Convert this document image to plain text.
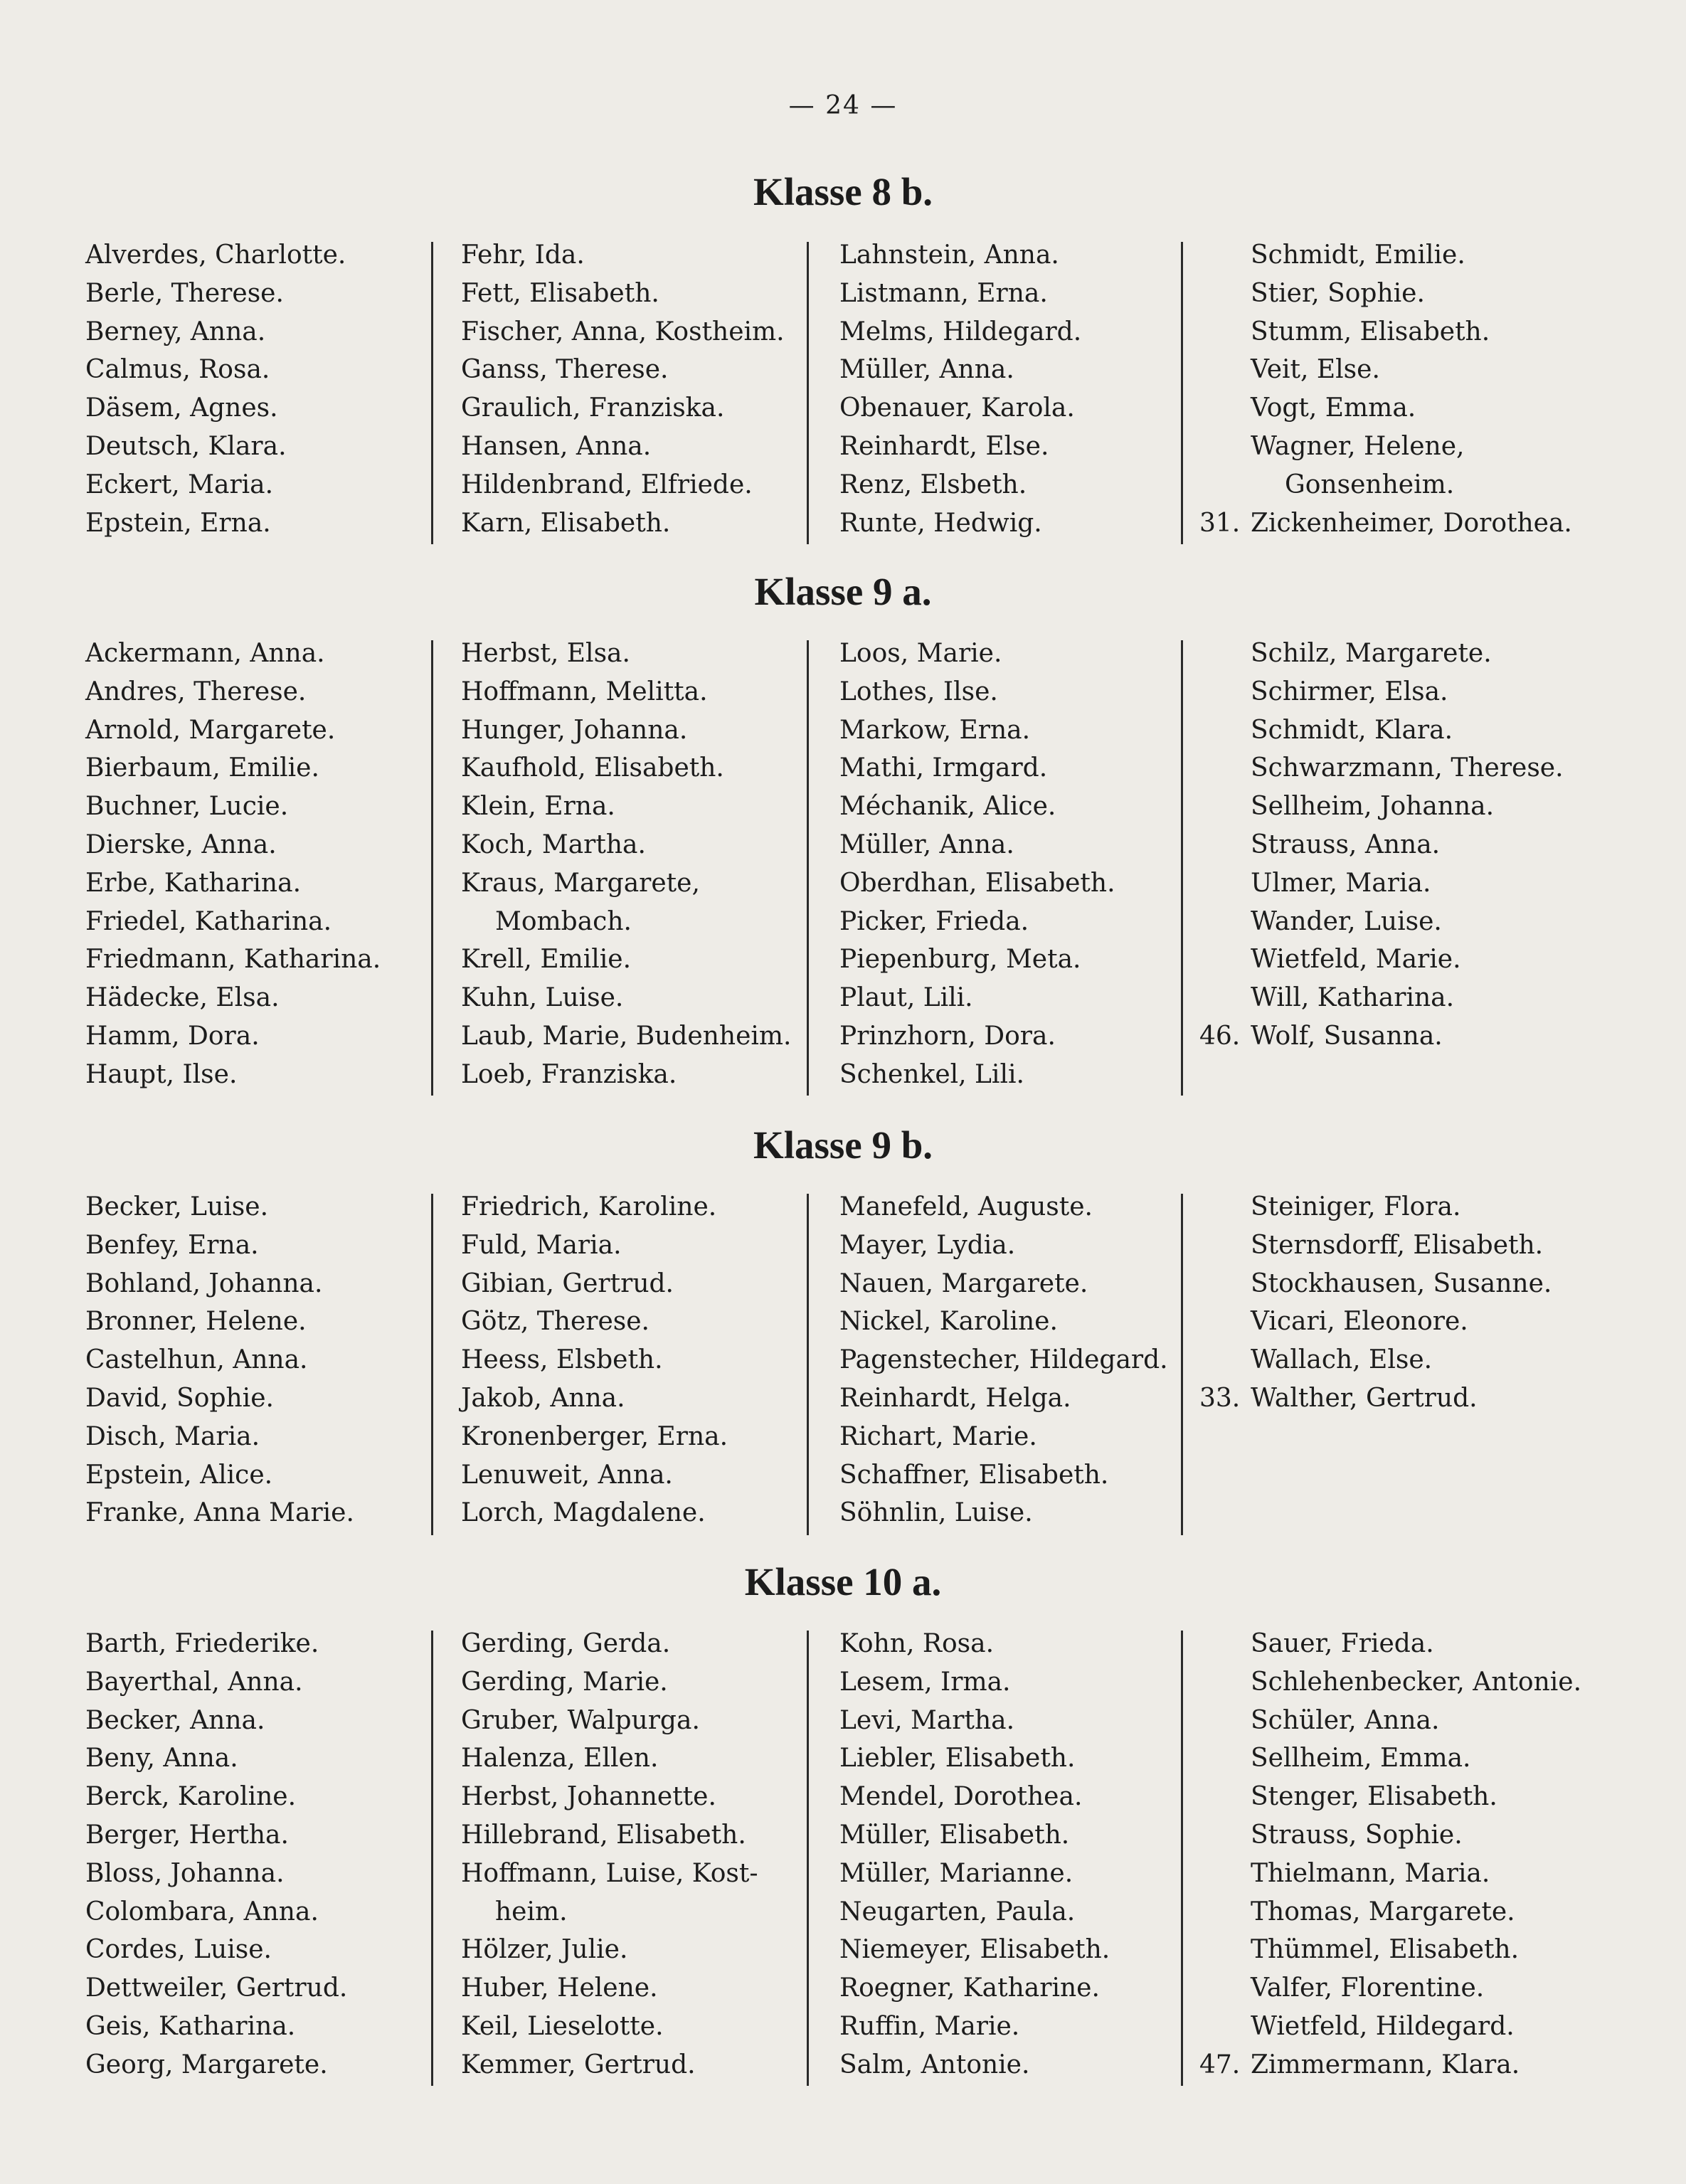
— 24 —
Klasse 8 b.
Alverdes, Charlotte.
Berle, Therese.
Berney, Anna.
Calmus, Rosa.
Däsem, Agnes.
Deutsch, Klara.
Eckert, Maria.
Epstein, Erna.
Fehr, Ida.
Fett, Elisabeth.
Fischer, Anna, Kostheim.
Ganss, Therese.
Graulich, Franziska.
Hansen, Anna.
Hildenbrand, Elfriede.
Karn, Elisabeth.
Lahnstein, Anna.
Listmann, Erna.
Melms, Hildegard.
Müller, Anna.
Obenauer, Karola.
Reinhardt, Else.
Renz, Elsbeth.
Runte, Hedwig.
Schmidt, Emilie.
Stier, Sophie.
Stumm, Elisabeth.
Veit, Else.
Vogt, Emma.
Wagner, Helene,
Gonsenheim.
Zickenheimer, Dorothea.
31.
Klasse 9 a.
Ackermann, Anna.
Andres, Therese.
Arnold, Margarete.
Bierbaum, Emilie.
Buchner, Lucie.
Dierske, Anna.
Erbe, Katharina.
Friedel, Katharina.
Friedmann, Katharina.
Hädecke, Elsa.
Hamm, Dora.
Haupt, Ilse.
Herbst, Elsa.
Hoffmann, Melitta.
Hunger, Johanna.
Kaufhold, Elisabeth.
Klein, Erna.
Koch, Martha.
Kraus, Margarete,
Mombach.
Krell, Emilie.
Kuhn, Luise.
Laub, Marie, Budenheim.
Loeb, Franziska.
Loos, Marie.
Lothes, Ilse.
Markow, Erna.
Mathi, Irmgard.
Méchanik, Alice.
Müller, Anna.
Oberdhan, Elisabeth.
Picker, Frieda.
Piepenburg, Meta.
Plaut, Lili.
Prinzhorn, Dora.
Schenkel, Lili.
Schilz, Margarete.
Schirmer, Elsa.
Schmidt, Klara.
Schwarzmann, Therese.
Sellheim, Johanna.
Strauss, Anna.
Ulmer, Maria.
Wander, Luise.
Wietfeld, Marie.
Will, Katharina.
Wolf, Susanna.
46.
Klasse 9 b.
Becker, Luise.
Benfey, Erna.
Bohland, Johanna.
Bronner, Helene.
Castelhun, Anna.
David, Sophie.
Disch, Maria.
Epstein, Alice.
Franke, Anna Marie.
Friedrich, Karoline.
Fuld, Maria.
Gibian, Gertrud.
Götz, Therese.
Heess, Elsbeth.
Jakob, Anna.
Kronenberger, Erna.
Lenuweit, Anna.
Lorch, Magdalene.
Manefeld, Auguste.
Mayer, Lydia.
Nauen, Margarete.
Nickel, Karoline.
Pagenstecher, Hildegard.
Reinhardt, Helga.
Richart, Marie.
Schaffner, Elisabeth.
Söhnlin, Luise.
Steiniger, Flora.
Sternsdorff, Elisabeth.
Stockhausen, Susanne.
Vicari, Eleonore.
Wallach, Else.
Walther, Gertrud.
33.
Klasse 10 a.
Barth, Friederike.
Bayerthal, Anna.
Becker, Anna.
Beny, Anna.
Berck, Karoline.
Berger, Hertha.
Bloss, Johanna.
Colombara, Anna.
Cordes, Luise.
Dettweiler, Gertrud.
Geis, Katharina.
Georg, Margarete.
Gerding, Gerda.
Gerding, Marie.
Gruber, Walpurga.
Halenza, Ellen.
Herbst, Johannette.
Hillebrand, Elisabeth.
Hoffmann, Luise, Kost-
heim.
Hölzer, Julie.
Huber, Helene.
Keil, Lieselotte.
Kemmer, Gertrud.
Kohn, Rosa.
Lesem, Irma.
Levi, Martha.
Liebler, Elisabeth.
Mendel, Dorothea.
Müller, Elisabeth.
Müller, Marianne.
Neugarten, Paula.
Niemeyer, Elisabeth.
Roegner, Katharine.
Ruffin, Marie.
Salm, Antonie.
Sauer, Frieda.
Schlehenbecker, Antonie.
Schüler, Anna.
Sellheim, Emma.
Stenger, Elisabeth.
Strauss, Sophie.
Thielmann, Maria.
Thomas, Margarete.
Thümmel, Elisabeth.
Valfer, Florentine.
Wietfeld, Hildegard.
Zimmermann, Klara.
47.
